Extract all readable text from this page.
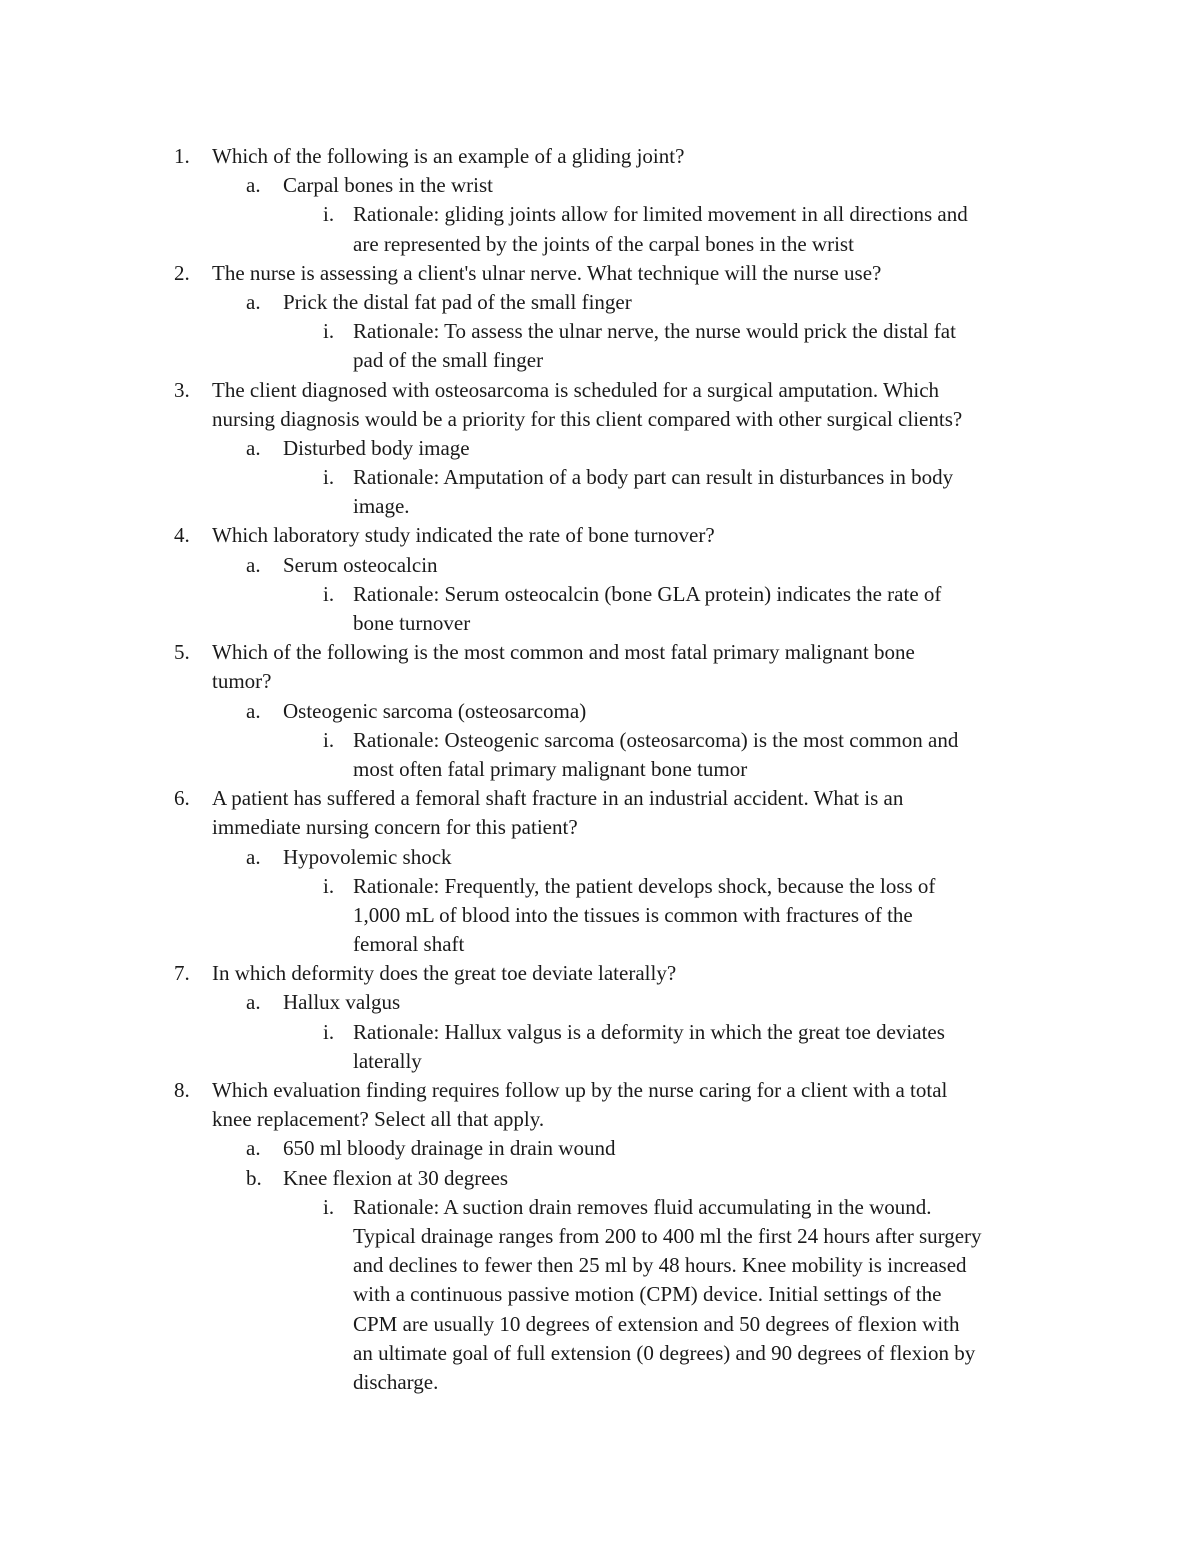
1. Which of the following is an example of a gliding joint?
a. Carpal bones in the wrist
i. Rationale: gliding joints allow for limited movement in all directions and
are represented by the joints of the carpal bones in the wrist
2. The nurse is assessing a client's ulnar nerve. What technique will the nurse use?
a. Prick the distal fat pad of the small finger
i. Rationale: To assess the ulnar nerve, the nurse would prick the distal fat
pad of the small finger
3. The client diagnosed with osteosarcoma is scheduled for a surgical amputation. Which
nursing diagnosis would be a priority for this client compared with other surgical clients?
a. Disturbed body image
i. Rationale: Amputation of a body part can result in disturbances in body
image.
4. Which laboratory study indicated the rate of bone turnover?
a. Serum osteocalcin
i. Rationale: Serum osteocalcin (bone GLA protein) indicates the rate of
bone turnover
5. Which of the following is the most common and most fatal primary malignant bone
tumor?
a. Osteogenic sarcoma (osteosarcoma)
i. Rationale: Osteogenic sarcoma (osteosarcoma) is the most common and
most often fatal primary malignant bone tumor
6. A patient has suffered a femoral shaft fracture in an industrial accident. What is an
immediate nursing concern for this patient?
a. Hypovolemic shock
i. Rationale: Frequently, the patient develops shock, because the loss of
1,000 mL of blood into the tissues is common with fractures of the
femoral shaft
7. In which deformity does the great toe deviate laterally?
a. Hallux valgus
i. Rationale: Hallux valgus is a deformity in which the great toe deviates
laterally
8. Which evaluation finding requires follow up by the nurse caring for a client with a total
knee replacement? Select all that apply.
a. 650 ml bloody drainage in drain wound
b. Knee flexion at 30 degrees
i. Rationale: A suction drain removes fluid accumulating in the wound.
Typical drainage ranges from 200 to 400 ml the first 24 hours after surgery
and declines to fewer then 25 ml by 48 hours. Knee mobility is increased
with a continuous passive motion (CPM) device. Initial settings of the
CPM are usually 10 degrees of extension and 50 degrees of flexion with
an ultimate goal of full extension (0 degrees) and 90 degrees of flexion by
discharge.
